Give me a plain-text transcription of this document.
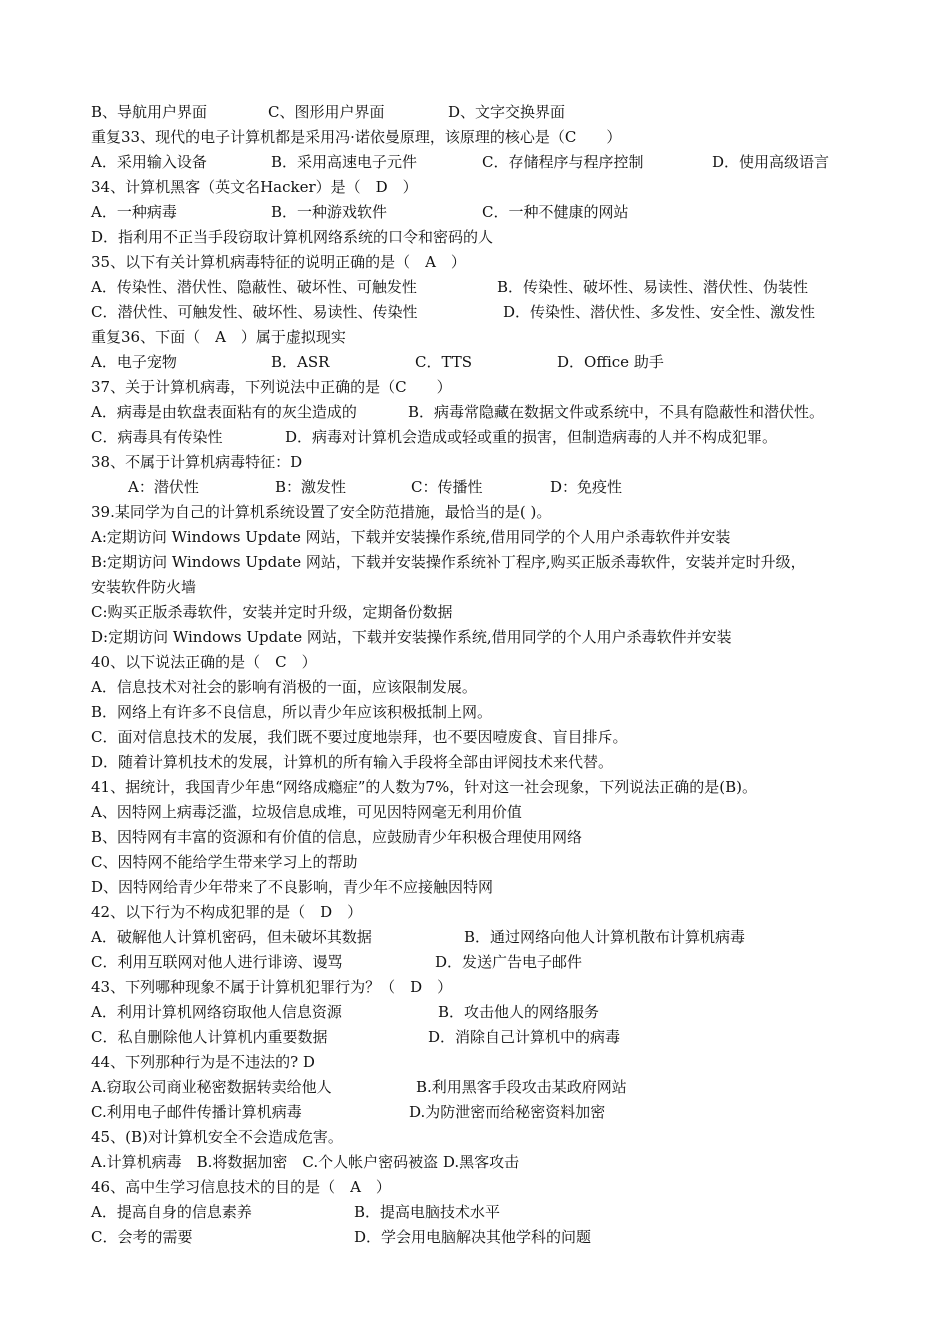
B、导航用户界面	C、图形用户界面	D、文字交换界面
重复33、现代的电子计算机都是采用冯·诺依曼原理，该原理的核心是（C　　）
A．采用输入设备	B．采用高速电子元件	C．存储程序与程序控制	D．使用高级语言
34、计算机黑客（英文名Hacker）是（　D　）
A．一种病毒	B．一种游戏软件	C．一种不健康的网站
D．指利用不正当手段窃取计算机网络系统的口令和密码的人
35、以下有关计算机病毒特征的说明正确的是（　A　）
A．传染性、潜伏性、隐蔽性、破坏性、可触发性	B．传染性、破坏性、易读性、潜伏性、伪装性
C．潜伏性、可触发性、破坏性、易读性、传染性	D．传染性、潜伏性、多发性、安全性、激发性
重复36、下面（　A　）属于虚拟现实
A．电子宠物	B．ASR	C．TTS	D．Office 助手
37、关于计算机病毒，下列说法中正确的是（C　　）
A．病毒是由软盘表面粘有的灰尘造成的	B．病毒常隐藏在数据文件或系统中，不具有隐蔽性和潜伏性。
C．病毒具有传染性	D．病毒对计算机会造成或轻或重的损害，但制造病毒的人并不构成犯罪。
38、不属于计算机病毒特征：D
A：潜伏性	B：激发性	C：传播性	D：免疫性
39.某同学为自己的计算机系统设置了安全防范措施，最恰当的是( )。
A:定期访问 Windows Update 网站，下载并安装操作系统,借用同学的个人用户杀毒软件并安装
B:定期访问 Windows Update 网站，下载并安装操作系统补丁程序,购买正版杀毒软件，安装并定时升级，
安装软件防火墙
C:购买正版杀毒软件，安装并定时升级，定期备份数据
D:定期访问 Windows Update 网站，下载并安装操作系统,借用同学的个人用户杀毒软件并安装
40、以下说法正确的是（　C　）
A．信息技术对社会的影响有消极的一面，应该限制发展。
B．网络上有许多不良信息，所以青少年应该积极抵制上网。
C．面对信息技术的发展，我们既不要过度地崇拜，也不要因噎废食、盲目排斥。
D．随着计算机技术的发展，计算机的所有输入手段将全部由评阅技术来代替。
41、据统计，我国青少年患“网络成瘾症”的人数为7%，针对这一社会现象，下列说法正确的是(B)。
A、因特网上病毒泛滥，垃圾信息成堆，可见因特网毫无利用价值
B、因特网有丰富的资源和有价值的信息，应鼓励青少年积极合理使用网络
C、因特网不能给学生带来学习上的帮助
D、因特网给青少年带来了不良影响，青少年不应接触因特网
42、以下行为不构成犯罪的是（　D　）
A．破解他人计算机密码，但未破坏其数据	B．通过网络向他人计算机散布计算机病毒
C．利用互联网对他人进行诽谤、谩骂	D．发送广告电子邮件
43、下列哪种现象不属于计算机犯罪行为？（　D　）
A．利用计算机网络窃取他人信息资源	B．攻击他人的网络服务
C．私自删除他人计算机内重要数据	D．消除自己计算机中的病毒
44、下列那种行为是不违法的? D
A.窃取公司商业秘密数据转卖给他人	B.利用黑客手段攻击某政府网站
C.利用电子邮件传播计算机病毒	D.为防泄密而给秘密资料加密
45、(B)对计算机安全不会造成危害。
A.计算机病毒　B.将数据加密　C.个人帐户密码被盗 D.黑客攻击
46、高中生学习信息技术的目的是（　A　）
A．提高自身的信息素养	B．提高电脑技术水平
C．会考的需要	D．学会用电脑解决其他学科的问题
